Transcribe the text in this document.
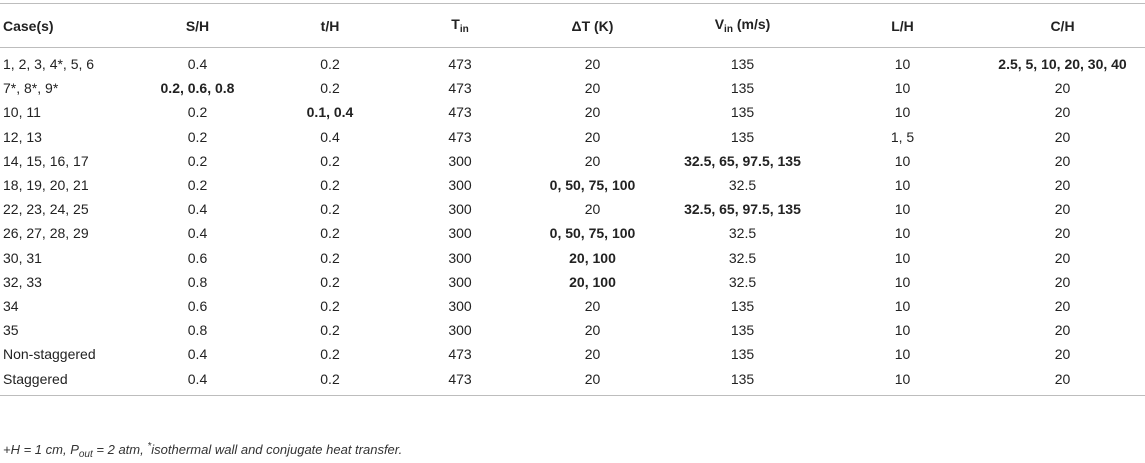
Case(s)	S/H	t/H	$T_{in}$	ΔT (K)	$V_{in}$ (m/s)	L/H	C/H
1, 2, 3, 4*, 5, 6	0.4	0.2	473	20	135	10	2.5, 5, 10, 20, 30, 40
7*, 8*, 9*	0.2, 0.6, 0.8	0.2	473	20	135	10	20
10, 11	0.2	0.1, 0.4	473	20	135	10	20
12, 13	0.2	0.4	473	20	135	1, 5	20
14, 15, 16, 17	0.2	0.2	300	20	32.5, 65, 97.5, 135	10	20
18, 19, 20, 21	0.2	0.2	300	0, 50, 75, 100	32.5	10	20
22, 23, 24, 25	0.4	0.2	300	20	32.5, 65, 97.5, 135	10	20
26, 27, 28, 29	0.4	0.2	300	0, 50, 75, 100	32.5	10	20
30, 31	0.6	0.2	300	20, 100	32.5	10	20
32, 33	0.8	0.2	300	20, 100	32.5	10	20
34	0.6	0.2	300	20	135	10	20
35	0.8	0.2	300	20	135	10	20
Non-staggered	0.4	0.2	473	20	135	10	20
Staggered	0.4	0.2	473	20	135	10	20
+H = 1 cm, $P_{out} = 2$ atm, *isothermal wall and conjugate heat transfer.
